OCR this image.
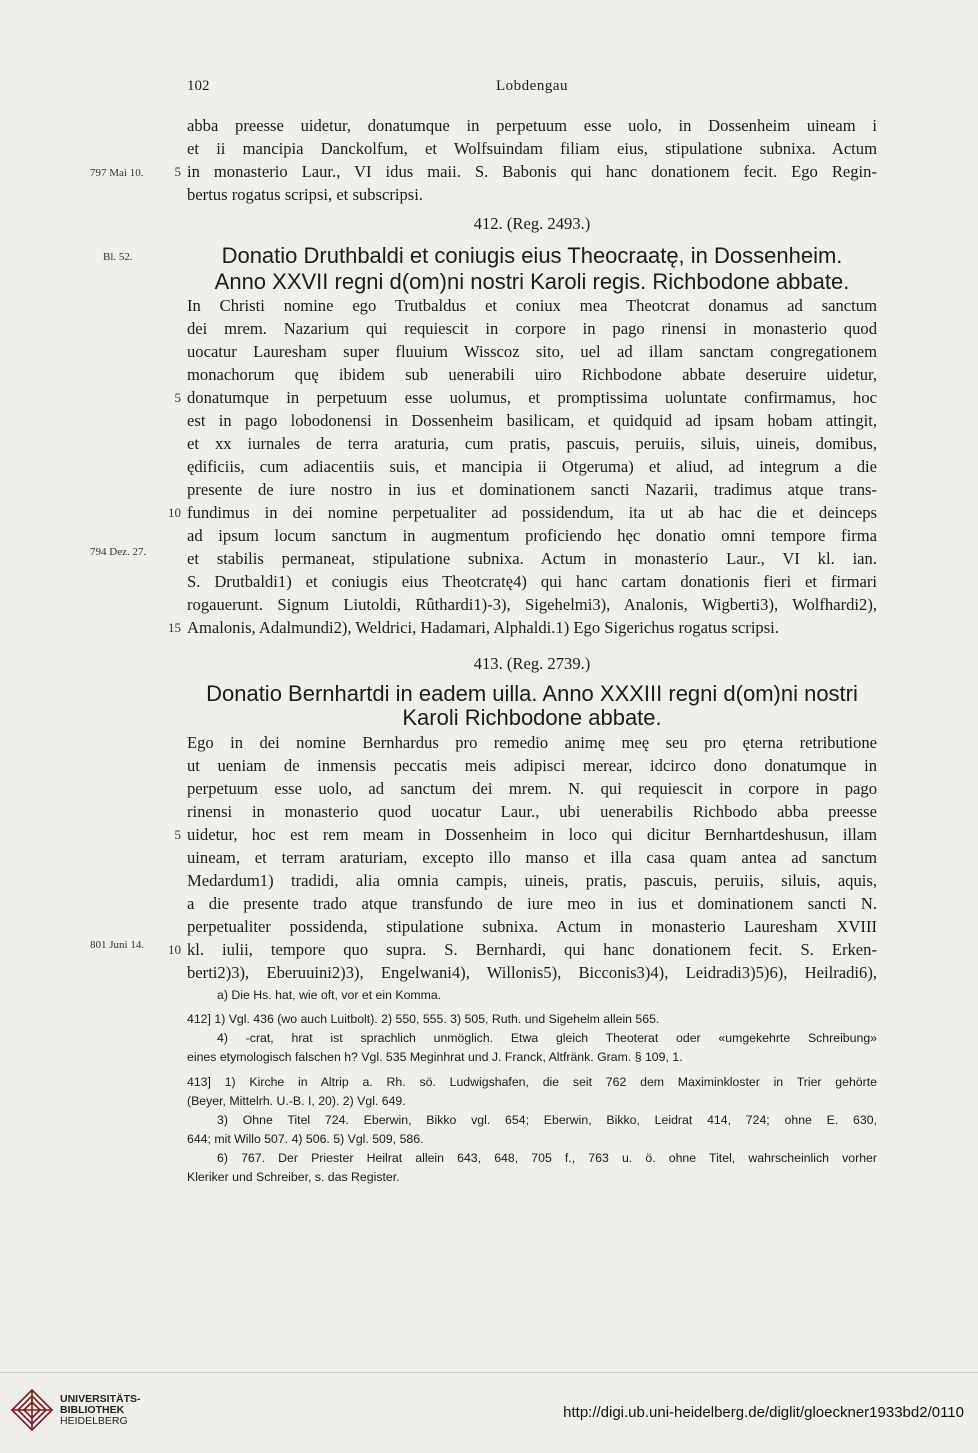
102	Lobdengau
797 Mai 10.
Bl. 52.
794 Dez. 27.
801 Juni 14.
abba preesse uidetur, donatumque in perpetuum esse uolo, in Dossenheim uineam i
et ii mancipia Danckolfum, et Wolfsuindam filiam eius, stipulatione subnixa. Actum
in monasterio Laur., VI idus maii. S. Babonis qui hanc donationem fecit. Ego Regin-
5
bertus rogatus scripsi, et subscripsi.
412. (Reg. 2493.)
Donatio Druthbaldi et coniugis eius Theocraatę, in Dossenheim.
Anno XXVII regni d(om)ni nostri Karoli regis. Richbodone abbate.
In Christi nomine ego Trutbaldus et coniux mea Theotcrat donamus ad sanctum
dei mrem. Nazarium qui requiescit in corpore in pago rinensi in monasterio quod
uocatur Lauresham super fluuium Wisscoz sito, uel ad illam sanctam congregationem
monachorum quę ibidem sub uenerabili uiro Richbodone abbate deseruire uidetur,
donatumque in perpetuum esse uolumus, et promptissima uoluntate confirmamus, hoc
5
est in pago lobodonensi in Dossenheim basilicam, et quidquid ad ipsam hobam attingit,
et xx iurnales de terra araturia, cum pratis, pascuis, peruiis, siluis, uineis, domibus,
ędificiis, cum adiacentiis suis, et mancipia ii Otgeruma) et aliud, ad integrum a die
presente de iure nostro in ius et dominationem sancti Nazarii, tradimus atque trans-
fundimus in dei nomine perpetualiter ad possidendum, ita ut ab hac die et deinceps
10
ad ipsum locum sanctum in augmentum proficiendo hęc donatio omni tempore firma
et stabilis permaneat, stipulatione subnixa. Actum in monasterio Laur., VI kl. ian.
S. Drutbaldi1) et coniugis eius Theotcratę4) qui hanc cartam donationis fieri et firmari
rogauerunt. Signum Liutoldi, Rûthardi1)-3), Sigehelmi3), Analonis, Wigberti3), Wolfhardi2),
Amalonis, Adalmundi2), Weldrici, Hadamari, Alphaldi.1) Ego Sigerichus rogatus scripsi.
15
413. (Reg. 2739.)
Donatio Bernhartdi in eadem uilla. Anno XXXIII regni d(om)ni nostri
Karoli Richbodone abbate.
Ego in dei nomine Bernhardus pro remedio animę meę seu pro ęterna retributione
ut ueniam de inmensis peccatis meis adipisci merear, idcirco dono donatumque in
perpetuum esse uolo, ad sanctum dei mrem. N. qui requiescit in corpore in pago
rinensi in monasterio quod uocatur Laur., ubi uenerabilis Richbodo abba preesse
uidetur, hoc est rem meam in Dossenheim in loco qui dicitur Bernhartdeshusun, illam
5
uineam, et terram araturiam, excepto illo manso et illa casa quam antea ad sanctum
Medardum1) tradidi, alia omnia campis, uineis, pratis, pascuis, peruiis, siluis, aquis,
a die presente trado atque transfundo de iure meo in ius et dominationem sancti N.
perpetualiter possidenda, stipulatione subnixa. Actum in monasterio Lauresham XVIII
kl. iulii, tempore quo supra. S. Bernhardi, qui hanc donationem fecit. S. Erken-
10
berti2)3), Eberuuini2)3), Engelwani4), Willonis5), Bicconis3)4), Leidradi3)5)6), Heilradi6),
a) Die Hs. hat, wie oft, vor et ein Komma.
412] 1) Vgl. 436 (wo auch Luitbolt). 2) 550, 555. 3) 505, Ruth. und Sigehelm allein 565.
4) -crat, hrat ist sprachlich unmöglich. Etwa gleich Theoterat oder «umgekehrte Schreibung»
eines etymologisch falschen h? Vgl. 535 Meginhrat und J. Franck, Altfränk. Gram. § 109, 1.
413] 1) Kirche in Altrip a. Rh. sö. Ludwigshafen, die seit 762 dem Maximinkloster in Trier gehörte
(Beyer, Mittelrh. U.-B. I, 20). 2) Vgl. 649.
3) Ohne Titel 724. Eberwin, Bikko vgl. 654; Eberwin, Bikko, Leidrat 414, 724; ohne E. 630,
644; mit Willo 507. 4) 506. 5) Vgl. 509, 586.
6) 767. Der Priester Heilrat allein 643, 648, 705 f., 763 u. ö. ohne Titel, wahrscheinlich vorher
Kleriker und Schreiber, s. das Register.
UNIVERSITÄTS-
BIBLIOTHEK
HEIDELBERG	http://digi.ub.uni-heidelberg.de/diglit/gloeckner1933bd2/0110
